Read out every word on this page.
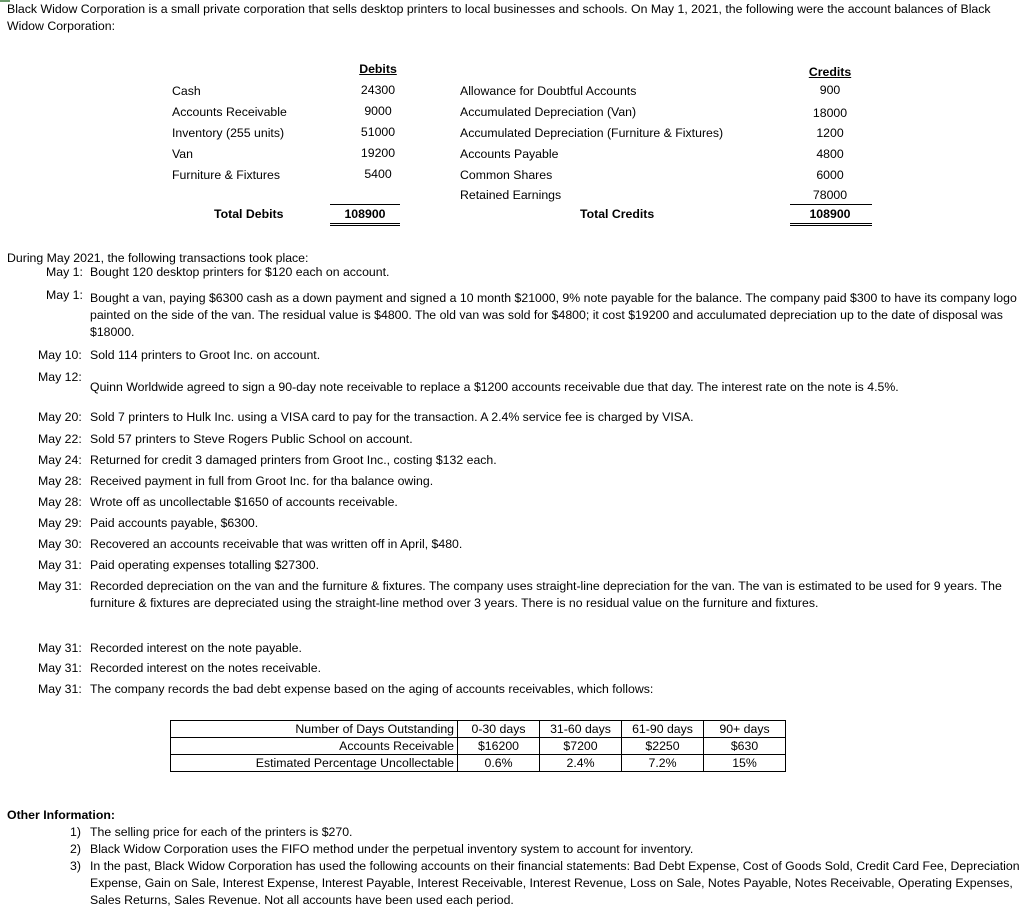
Black Widow Corporation is a small private corporation that sells desktop printers to local businesses and schools. On May 1, 2021, the following were the account balances of Black Widow Corporation:
Debits	Credits
Cash	24300
Accounts Receivable	9000
Inventory (255 units)	51000
Van	19200
Furniture & Fixtures	5400
Allowance for Doubtful Accounts	900
Accumulated Depreciation (Van)	18000
Accumulated Depreciation (Furniture & Fixtures)	1200
Accounts Payable	4800
Common Shares	6000
Retained Earnings	78000
Total Debits	108900	Total Credits	108900
During May 2021, the following transactions took place:
May 1: Bought 120 desktop printers for $120 each on account.
May 1: Bought a van, paying $6300 cash as a down payment and signed a 10 month $21000, 9% note payable for the balance. The company paid $300 to have its company logo painted on the side of the van. The residual value is $4800. The old van was sold for $4800; it cost $19200 and acculumated depreciation up to the date of disposal was $18000.
May 10: Sold 114 printers to Groot Inc. on account.
May 12:
Quinn Worldwide agreed to sign a 90-day note receivable to replace a $1200 accounts receivable due that day. The interest rate on the note is 4.5%.
May 20: Sold 7 printers to Hulk Inc. using a VISA card to pay for the transaction. A 2.4% service fee is charged by VISA.
May 22: Sold 57 printers to Steve Rogers Public School on account.
May 24: Returned for credit 3 damaged printers from Groot Inc., costing $132 each.
May 28: Received payment in full from Groot Inc. for tha balance owing.
May 28: Wrote off as uncollectable $1650 of accounts receivable.
May 29: Paid accounts payable, $6300.
May 30: Recovered an accounts receivable that was written off in April, $480.
May 31: Paid operating expenses totalling $27300.
May 31: Recorded depreciation on the van and the furniture & fixtures. The company uses straight-line depreciation for the van. The van is estimated to be used for 9 years. The furniture & fixtures are depreciated using the straight-line method over 3 years. There is no residual value on the furniture and fixtures.
May 31: Recorded interest on the note payable.
May 31: Recorded interest on the notes receivable.
May 31: The company records the bad debt expense based on the aging of accounts receivables, which follows:
Number of Days Outstanding	0-30 days	31-60 days	61-90 days	90+ days
Accounts Receivable	$16200	$7200	$2250	$630
Estimated Percentage Uncollectable	0.6%	2.4%	7.2%	15%
Other Information:
1) The selling price for each of the printers is $270.
2) Black Widow Corporation uses the FIFO method under the perpetual inventory system to account for inventory.
3) In the past, Black Widow Corporation has used the following accounts on their financial statements: Bad Debt Expense, Cost of Goods Sold, Credit Card Fee, Depreciation Expense, Gain on Sale, Interest Expense, Interest Payable, Interest Receivable, Interest Revenue, Loss on Sale, Notes Payable, Notes Receivable, Operating Expenses, Sales Returns, Sales Revenue. Not all accounts have been used each period.
